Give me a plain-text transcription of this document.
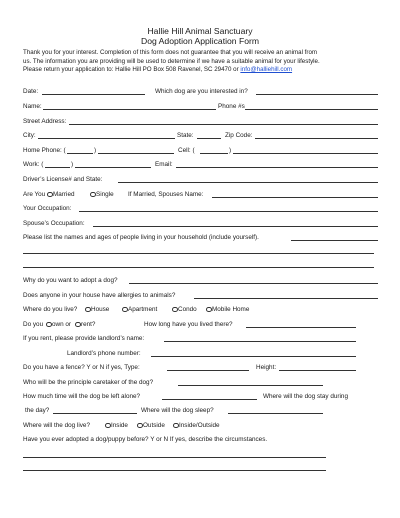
Hallie Hill Animal Sanctuary
Dog Adoption Application Form
Thank you for your interest. Completion of this form does not guarantee that you will receive an animal from
us. The information you are providing will be used to determine if we have a suitable animal for your lifestyle.
Please return your application to: Hallie Hill PO Box 508 Ravenel, SC 29470 or info@halliehill.com
Date:	Which dog are you interested in?
Name:	Phone #s
Street Address:
City:	State:	Zip Code:
Home Phone: (	)	Cell: (	)
Work: (	)	Email:
Driver’s License# and State:
Are You	Married	Single If Married, Spouses Name:
Your Occupation:
Spouse’s Occupation:
Please list the names and ages of people living in your household (include yourself).
Why do you want to adopt a dog?
Does anyone in your house have allergies to animals?
Where do you live?	House	Apartment	Condo	Mobile Home
Do you	own or	rent?	How long have you lived there?
If you rent, please provide landlord’s name:
Landlord’s phone number:
Do you have a fence? Y or N if yes, Type:	Height:
Who will be the principle caretaker of the dog?
How much time will the dog be left alone?	Where will the dog stay during
the day?	Where will the dog sleep?
Where will the dog live?	Inside	Outside	Inside/Outside
Have you ever adopted a dog/puppy before? Y or N If yes, describe the circumstances.
